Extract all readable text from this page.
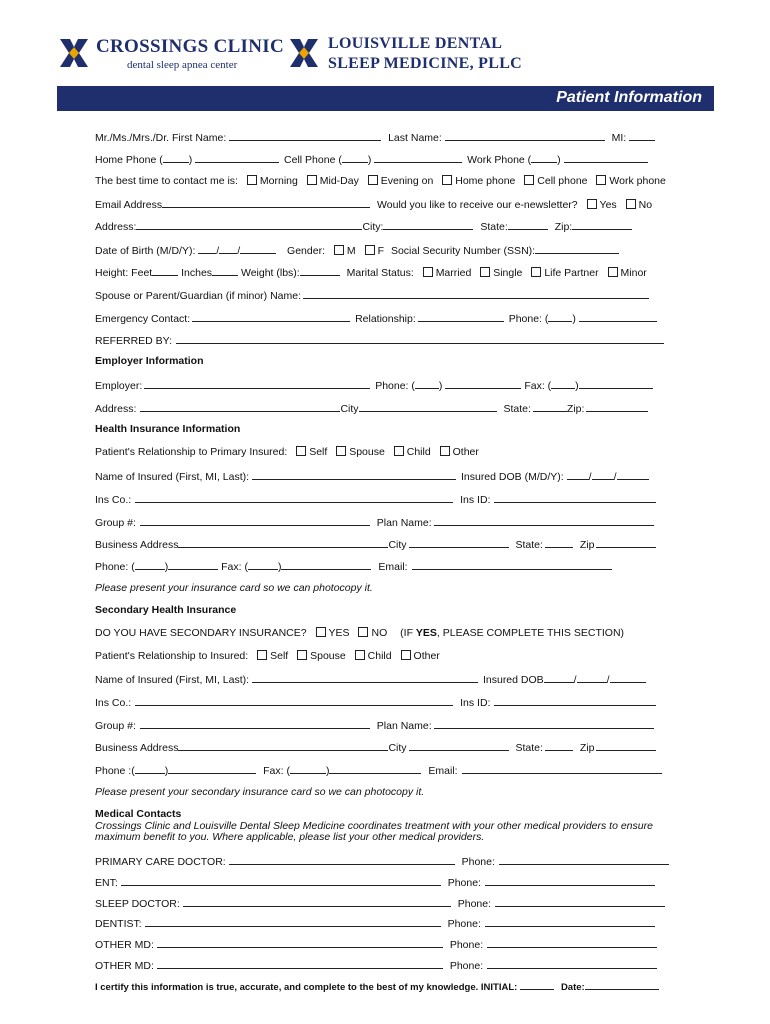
CROSSINGS CLINIC
dental sleep apnea center
LOUISVILLE DENTAL
SLEEP MEDICINE, PLLC
Patient Information
Mr./Ms./Mrs./Dr. First Name:	Last Name:	MI:
Home Phone ( )	Cell Phone ( )	Work Phone ( )
The best time to contact me is: Morning Mid-Day Evening on Home phone Cell phone Work phone
Email Address	Would you like to receive our e-newsletter? Yes No
Address:	City:	State:	Zip:
Date of Birth (M/D/Y): / /	Gender: M F Social Security Number (SSN):
Height: Feet	Inches	Weight (lbs):	Marital Status: Married Single Life Partner Minor
Spouse or Parent/Guardian (if minor) Name:
Emergency Contact:	Relationship:	Phone: ( )
REFERRED BY:
Employer Information
Employer:	Phone: ( )	Fax: ( )
Address:	City	State:	Zip:
Health Insurance Information
Patient's Relationship to Primary Insured: Self Spouse Child Other
Name of Insured (First, MI, Last):	Insured DOB (M/D/Y): / /
Ins Co.:	Ins ID:
Group #:	Plan Name:
Business Address	City	State:	Zip
Phone: (	)	Fax: (	)	Email:
Please present your insurance card so we can photocopy it.
Secondary Health Insurance
DO YOU HAVE SECONDARY INSURANCE? YES NO (IF YES, PLEASE COMPLETE THIS SECTION)
Patient's Relationship to Insured: Self Spouse Child Other
Name of Insured (First, MI, Last):	Insured DOB	/	/
Ins Co.:	Ins ID:
Group #:	Plan Name:
Business Address	City	State:	Zip
Phone :(	)	Fax: (	)	Email:
Please present your secondary insurance card so we can photocopy it.
Medical Contacts
Crossings Clinic and Louisville Dental Sleep Medicine coordinates treatment with your other medical providers to ensure
maximum benefit to you. Where applicable, please list your other medical providers.
PRIMARY CARE DOCTOR:	Phone:
ENT:	Phone:
SLEEP DOCTOR:	Phone:
DENTIST:	Phone:
OTHER MD:	Phone:
OTHER MD:	Phone:
I certify this information is true, accurate, and complete to the best of my knowledge. INITIAL:	Date:
